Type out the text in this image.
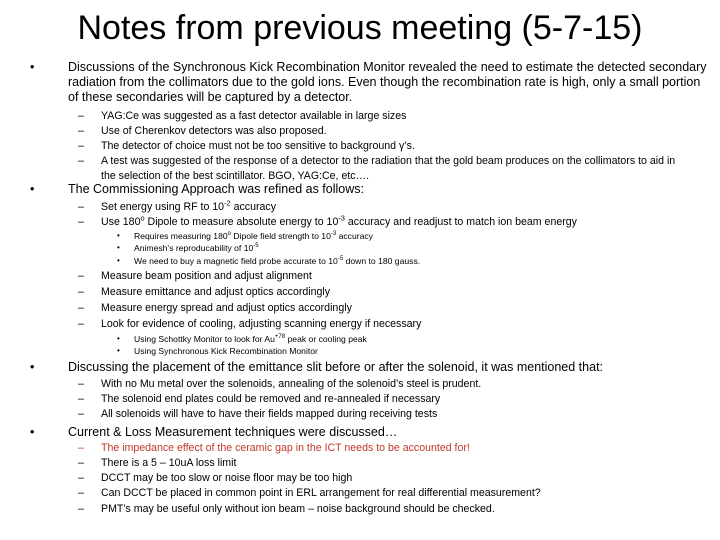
Notes from previous meeting (5-7-15)
•	Discussions of the Synchronous Kick Recombination Monitor revealed the need to estimate the detected secondary radiation from the collimators due to the gold ions. Even though the recombination rate is high, only a small portion of these secondaries will be captured by a detector.
– YAG:Ce was suggested as a fast detector available in large sizes
– Use of Cherenkov detectors was also proposed.
– The detector of choice must not be too sensitive to background γ’s.
– A test was suggested of the response of a detector to the radiation that the gold beam produces on the collimators to aid in the selection of the best scintillator. BGO, YAG:Ce, etc….
•	The Commissioning Approach was refined as follows:
– Set energy using RF to $10^{-2}$ accuracy
– Use 180$^o$ Dipole to measure absolute energy to $10^{-3}$ accuracy and readjust to match ion beam energy
• Requires measuring 180$^o$ Dipole field strength to $10^{-3}$ accuracy
• Animesh’s reproducability of $10^{-5}$
• We need to buy a magnetic field probe accurate to $10^{-5}$ down to 180 gauss.
– Measure beam position and adjust alignment
– Measure emittance and adjust optics accordingly
– Measure energy spread and adjust optics accordingly
– Look for evidence of cooling, adjusting scanning energy if necessary
• Using Schottky Monitor to look for $Au^{+78}$ peak or cooling peak
• Using Synchronous Kick Recombination Monitor
•	Discussing the placement of the emittance slit before or after the solenoid, it was mentioned that:
– With no Mu metal over the solenoids, annealing of the solenoid’s steel is prudent.
– The solenoid end plates could be removed and re-annealed if necessary
– All solenoids will have to have their fields mapped during receiving tests
•	Current & Loss Measurement techniques were discussed…
– The impedance effect of the ceramic gap in the ICT needs to be accounted for!
– There is a 5 – 10uA loss limit
– DCCT may be too slow or noise floor may be too high
– Can DCCT be placed in common point in ERL arrangement for real differential measurement?
– PMT’s may be useful only without ion beam – noise background should be checked.
